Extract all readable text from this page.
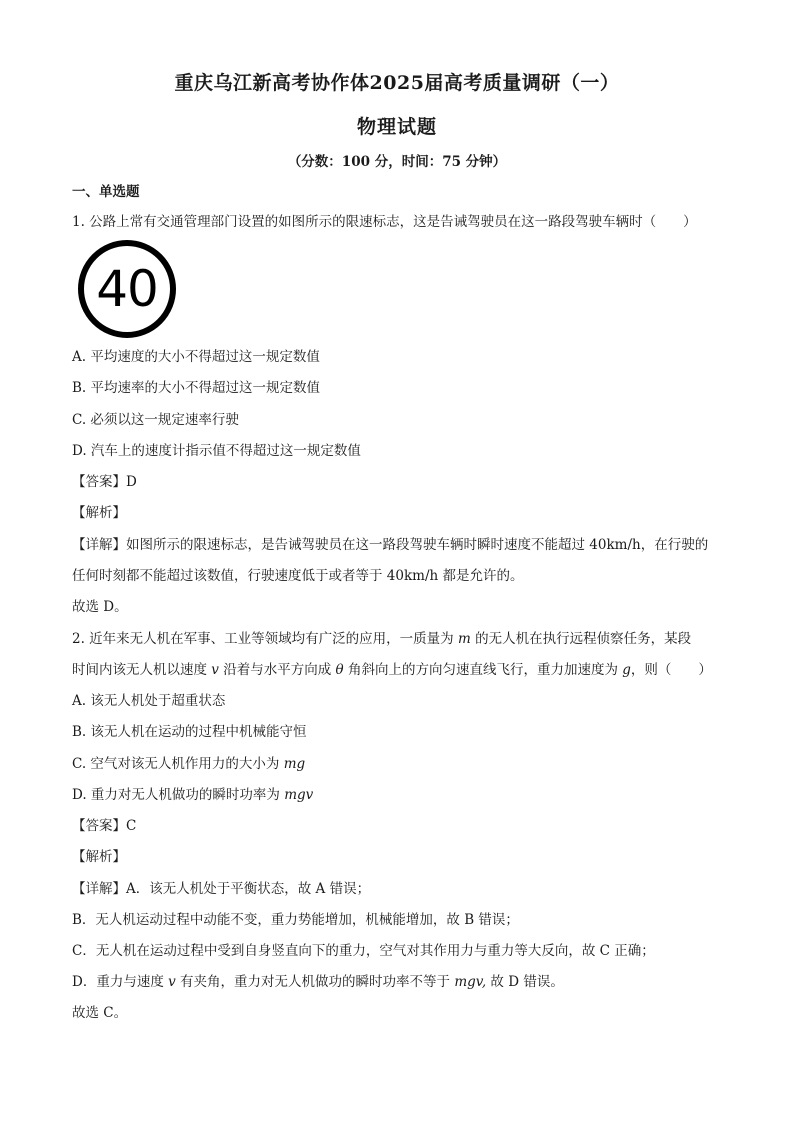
重庆乌江新高考协作体2025届高考质量调研（一）
物理试题
（分数：100 分，时间：75 分钟）
一、单选题
1. 公路上常有交通管理部门设置的如图所示的限速标志，这是告诫驾驶员在这一路段驾驶车辆时（　　）
40
A. 平均速度的大小不得超过这一规定数值
B. 平均速率的大小不得超过这一规定数值
C. 必须以这一规定速率行驶
D. 汽车上的速度计指示值不得超过这一规定数值
【答案】D
【解析】
【详解】如图所示的限速标志，是告诫驾驶员在这一路段驾驶车辆时瞬时速度不能超过 40km/h，在行驶的
任何时刻都不能超过该数值，行驶速度低于或者等于 40km/h 都是允许的。
故选 D。
2. 近年来无人机在军事、工业等领域均有广泛的应用，一质量为 m 的无人机在执行远程侦察任务，某段
时间内该无人机以速度 v 沿着与水平方向成 θ 角斜向上的方向匀速直线飞行，重力加速度为 g，则（　　）
A. 该无人机处于超重状态
B. 该无人机在运动的过程中机械能守恒
C. 空气对该无人机作用力的大小为 mg
D. 重力对无人机做功的瞬时功率为 mgv
【答案】C
【解析】
【详解】A．该无人机处于平衡状态，故 A 错误；
B．无人机运动过程中动能不变，重力势能增加，机械能增加，故 B 错误；
C．无人机在运动过程中受到自身竖直向下的重力，空气对其作用力与重力等大反向，故 C 正确；
D．重力与速度 v 有夹角，重力对无人机做功的瞬时功率不等于 mgv, 故 D 错误。
故选 C。
